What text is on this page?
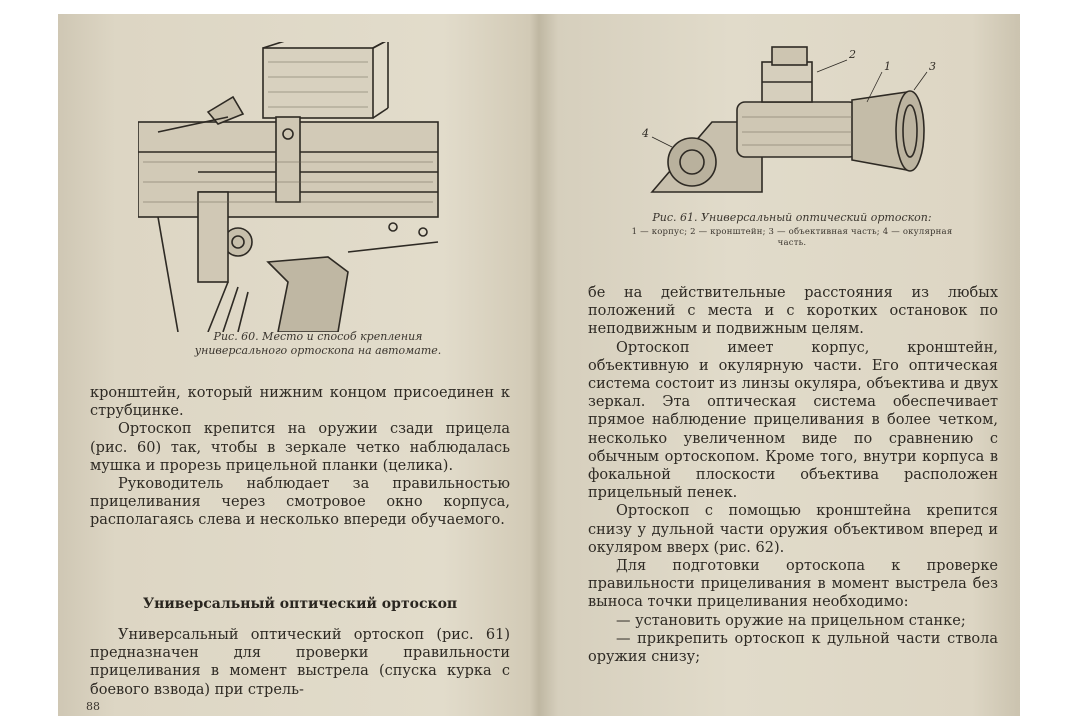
Рис. 60. Место и способ крепления универсального ортоскопа на автомате.

кронштейн, который нижним концом присоединен к струбцинке.

Ортоскоп крепится на оружии сзади прицела (рис. 60) так, чтобы в зеркале четко наблюдалась мушка и прорезь прицельной планки (целика).

Руководитель наблюдает за правильностью прицеливания через смотровое окно корпуса, располагаясь слева и несколько впереди обучаемого.

Универсальный оптический ортоскоп

Универсальный оптический ортоскоп (рис. 61) предназначен для проверки правильности прицеливания в момент выстрела (спуска курка с боевого взвода) при стрель-

88
2
1	3
4
Рис. 61. Универсальный оптический ортоскоп:
1 — корпус; 2 — кронштейн; 3 — объективная часть; 4 — окулярная часть.

бе на действительные расстояния из любых положений с места и с коротких остановок по неподвижным и подвижным целям.

Ортоскоп имеет корпус, кронштейн, объективную и окулярную части. Его оптическая система состоит из линзы окуляра, объектива и двух зеркал. Эта оптическая система обеспечивает прямое наблюдение прицеливания в более четком, несколько увеличенном виде по сравнению с обычным ортоскопом. Кроме того, внутри корпуса в фокальной плоскости объектива расположен прицельный пенек.

Ортоскоп с помощью кронштейна крепится снизу у дульной части оружия объективом вперед и окуляром вверх (рис. 62).

Для подготовки ортоскопа к проверке правильности прицеливания в момент выстрела без выноса точки прицеливания необходимо:

— установить оружие на прицельном станке;

— прикрепить ортоскоп к дульной части ствола оружия снизу;
